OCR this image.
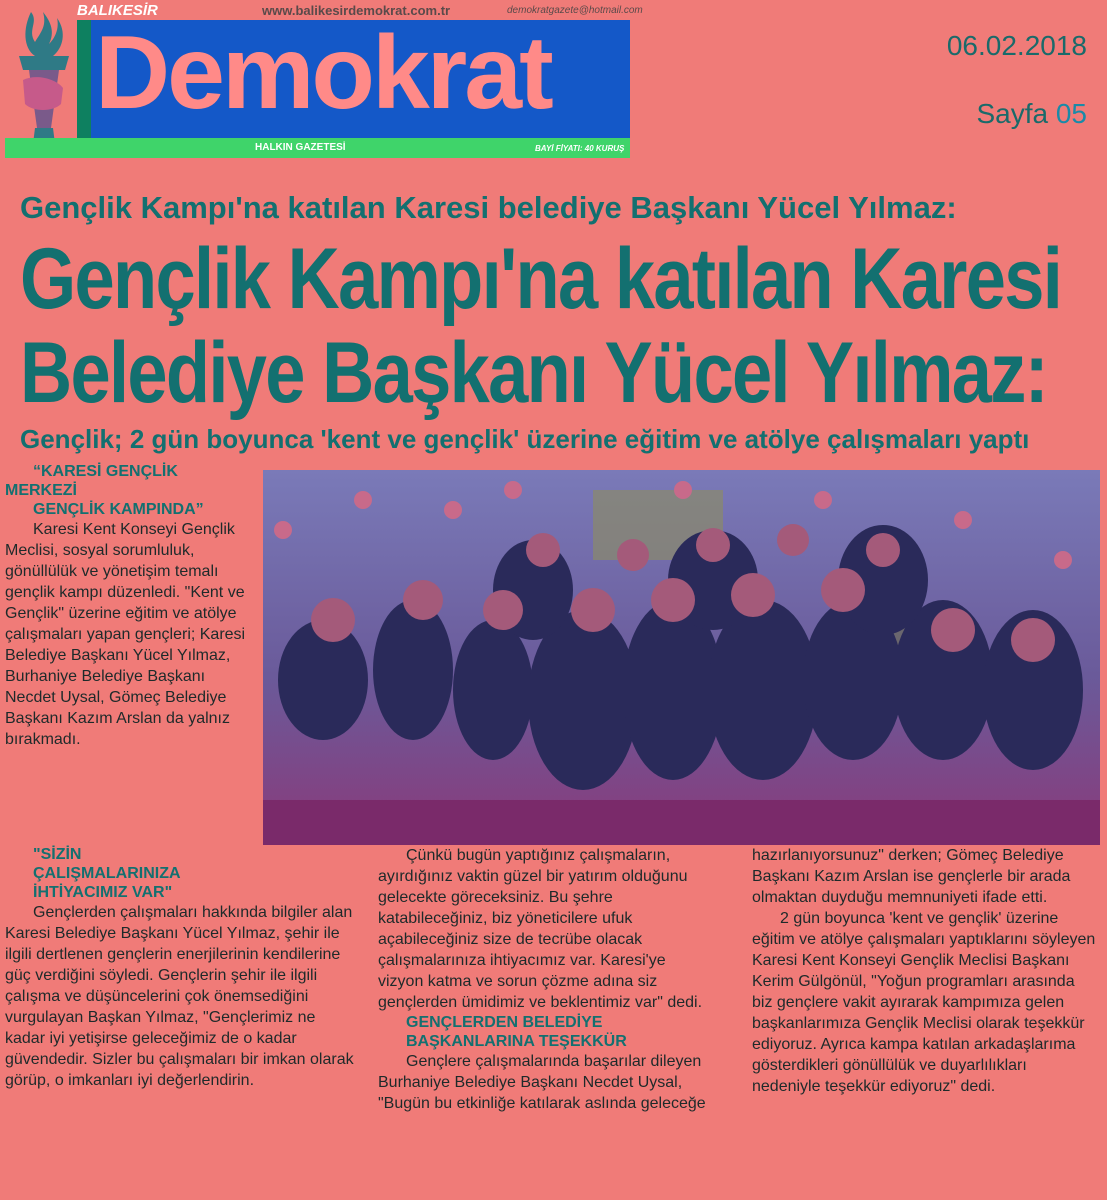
BALIKESİR	www.balikesirdemokrat.com.tr	demokratgazete@hotmail.com
Demokrat
HALKIN GAZETESİ	BAYİ FİYATI: 40 KURUŞ
06.02.2018
Sayfa 05
Gençlik Kampı'na katılan Karesi belediye Başkanı Yücel Yılmaz:
Gençlik Kampı'na katılan Karesi
Belediye Başkanı Yücel Yılmaz:
Gençlik; 2 gün boyunca 'kent ve gençlik' üzerine eğitim ve atölye çalışmaları yaptı
“KARESİ GENÇLİK
MERKEZİ
GENÇLİK KAMPINDA”

Karesi Kent Konseyi Gençlik Meclisi, sosyal sorumluluk, gönüllülük ve yönetişim temalı gençlik kampı düzenledi. "Kent ve Gençlik" üzerine eğitim ve atölye çalışmaları yapan gençleri; Karesi Belediye Başkanı Yücel Yılmaz, Burhaniye Belediye Başkanı Necdet Uysal, Gömeç Belediye Başkanı Kazım Arslan da yalnız bırakmadı.

"SİZİN
ÇALIŞMALARINIZA
İHTİYACIMIZ VAR"

Gençlerden çalışmaları hakkında bilgiler alan Karesi Belediye Başkanı Yücel Yılmaz, şehir ile ilgili dertlenen gençlerin enerjilerinin kendilerine güç verdiğini söyledi. Gençlerin şehir ile ilgili çalışma ve düşüncelerini çok önemsediğini vurgulayan Başkan Yılmaz, "Gençlerimiz ne kadar iyi yetişirse geleceğimiz de o kadar güvendedir. Sizler bu çalışmaları bir imkan olarak görüp, o imkanları iyi değerlendirin.

Çünkü bugün yaptığınız çalışmaların, ayırdığınız vaktin güzel bir yatırım olduğunu gelecekte göreceksiniz. Bu şehre katabileceğiniz, biz yöneticilere ufuk açabileceğiniz size de tecrübe olacak çalışmalarınıza ihtiyacımız var. Karesi'ye vizyon katma ve sorun çözme adına siz gençlerden ümidimiz ve beklentimiz var" dedi.

GENÇLERDEN BELEDİYE
BAŞKANLARINA TEŞEKKÜR

Gençlere çalışmalarında başarılar dileyen Burhaniye Belediye Başkanı Necdet Uysal, "Bugün bu etkinliğe katılarak aslında geleceğe

hazırlanıyorsunuz" derken; Gömeç Belediye Başkanı Kazım Arslan ise gençlerle bir arada olmaktan duyduğu memnuniyeti ifade etti.

2 gün boyunca 'kent ve gençlik' üzerine eğitim ve atölye çalışmaları yaptıklarını söyleyen Karesi Kent Konseyi Gençlik Meclisi Başkanı Kerim Gülgönül, "Yoğun programları arasında biz gençlere vakit ayırarak kampımıza gelen başkanlarımıza Gençlik Meclisi olarak teşekkür ediyoruz. Ayrıca kampa katılan arkadaşlarıma gösterdikleri gönüllülük ve duyarlılıkları nedeniyle teşekkür ediyoruz" dedi.
